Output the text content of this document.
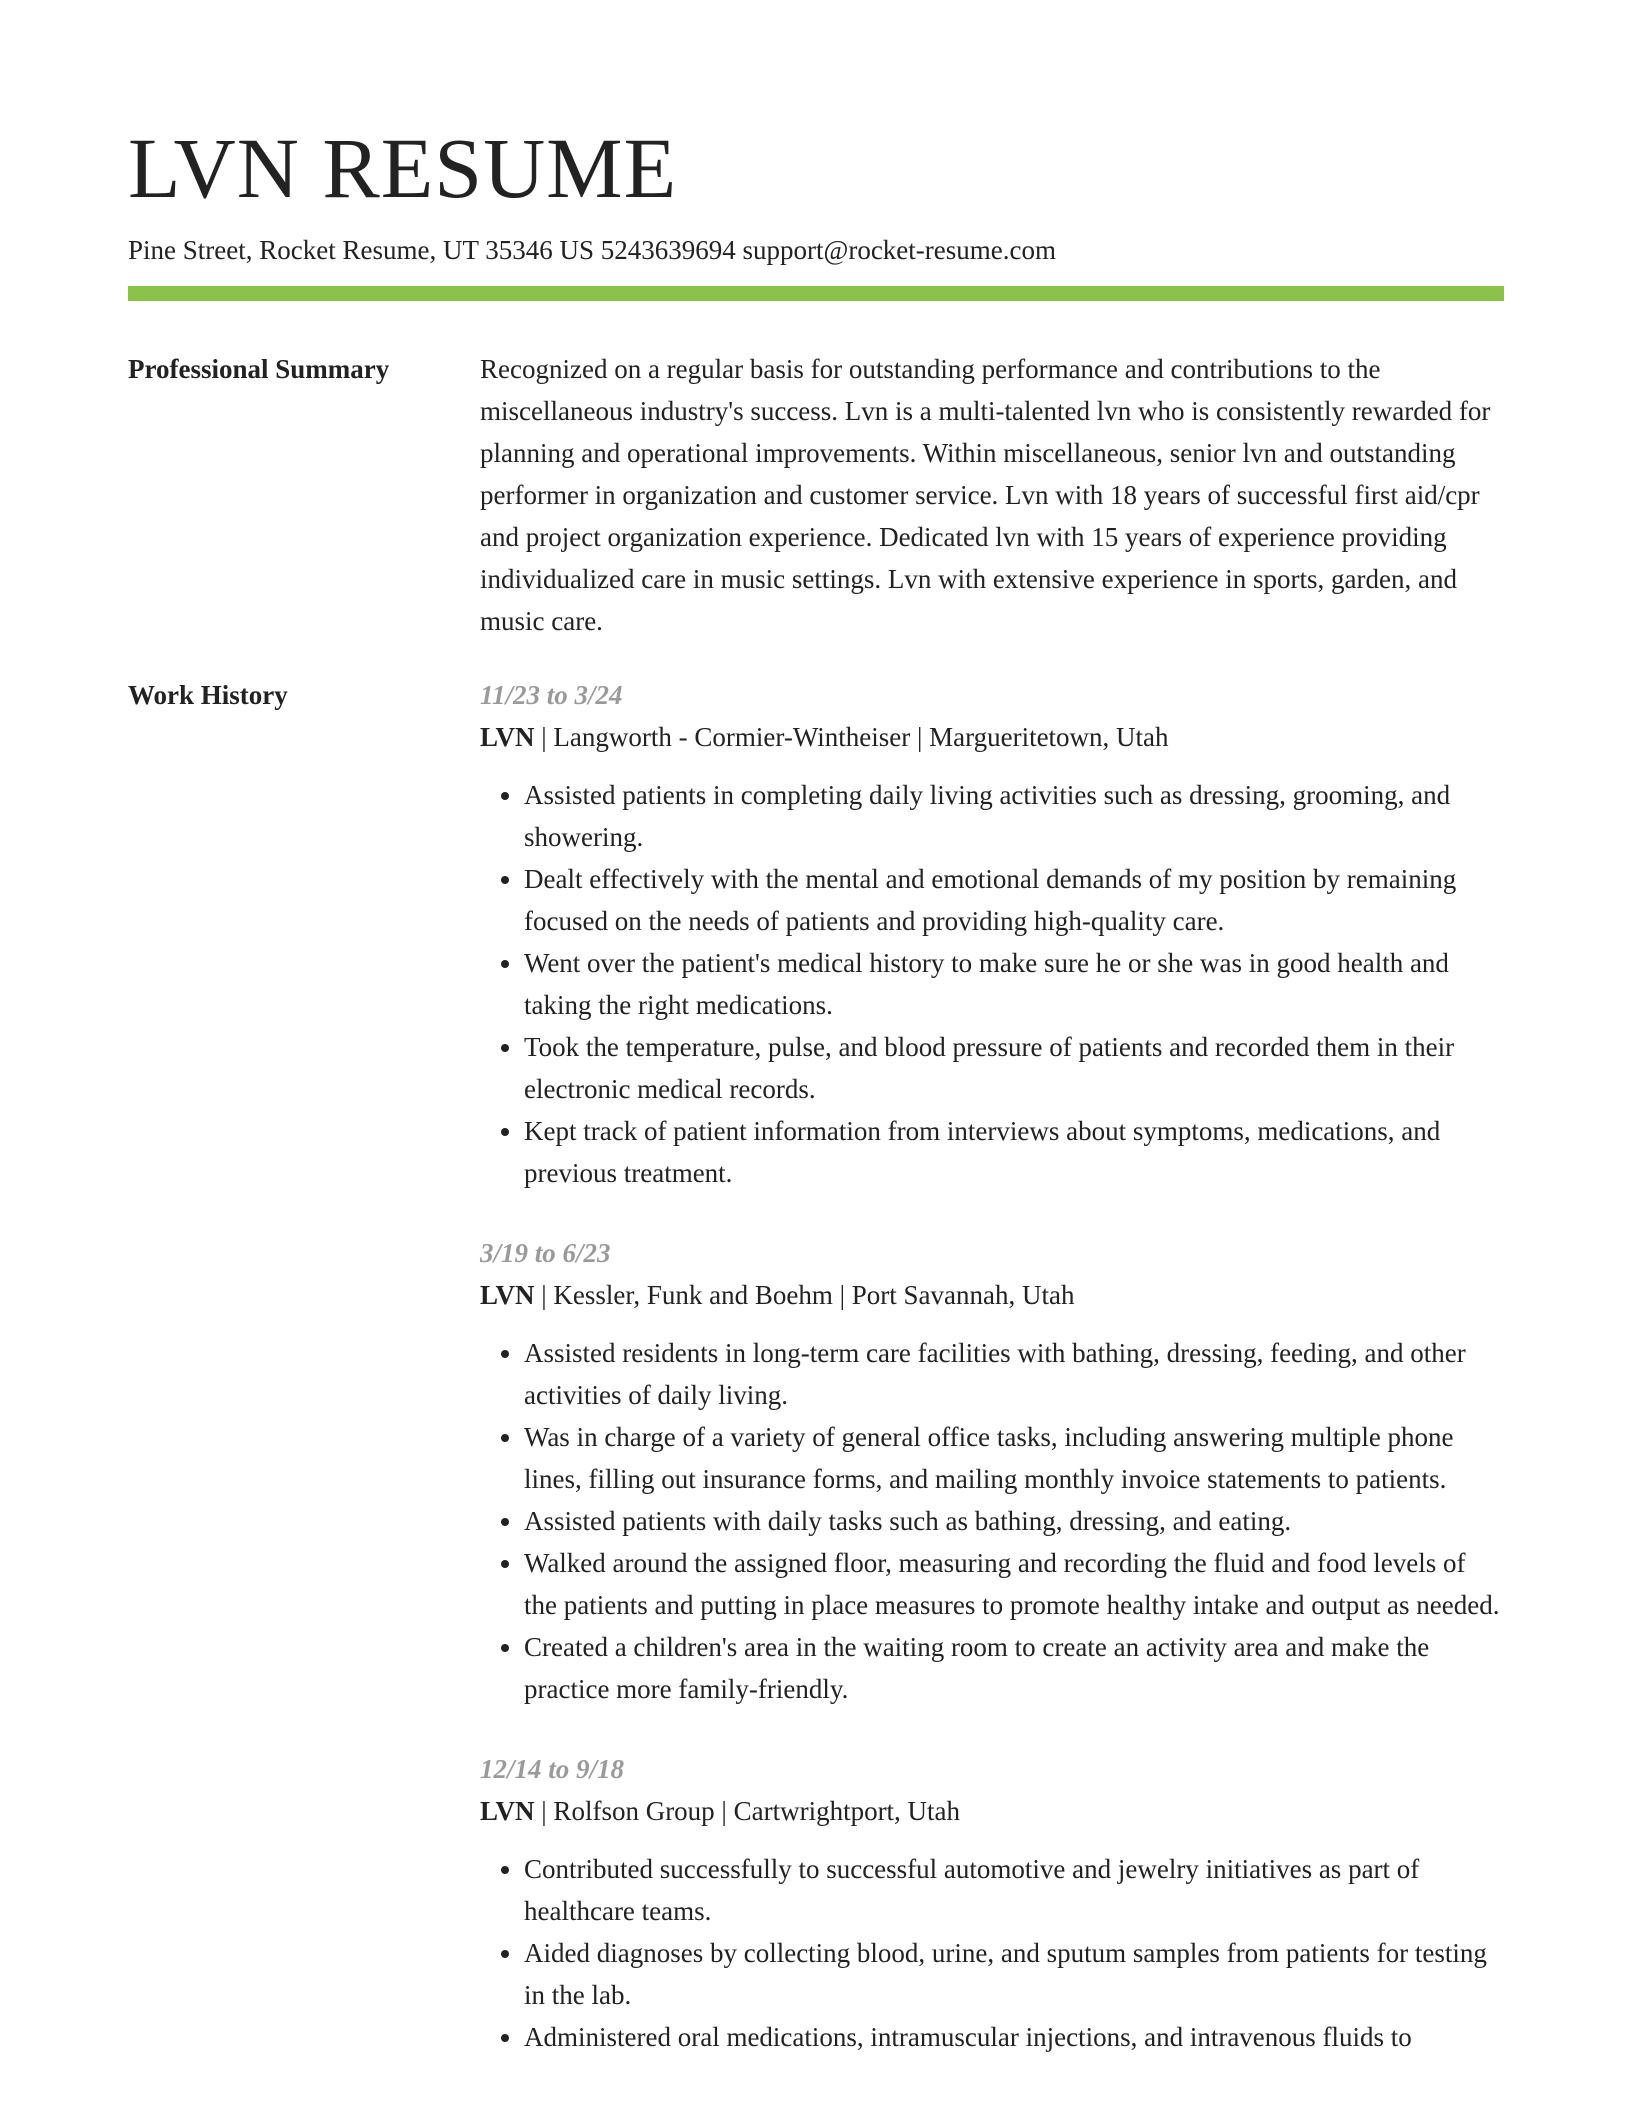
LVN RESUME
Pine Street, Rocket Resume, UT 35346 US 5243639694 support@rocket-resume.com
Professional Summary	Recognized on a regular basis for outstanding performance and contributions to the miscellaneous industry's success. Lvn is a multi-talented lvn who is consistently rewarded for planning and operational improvements. Within miscellaneous, senior lvn and outstanding performer in organization and customer service. Lvn with 18 years of successful first aid/cpr and project organization experience. Dedicated lvn with 15 years of experience providing individualized care in music settings. Lvn with extensive experience in sports, garden, and music care.

Work History	11/23 to 3/24
LVN | Langworth - Cormier-Wintheiser | Margueritetown, Utah
• Assisted patients in completing daily living activities such as dressing, grooming, and showering.
• Dealt effectively with the mental and emotional demands of my position by remaining focused on the needs of patients and providing high-quality care.
• Went over the patient's medical history to make sure he or she was in good health and taking the right medications.
• Took the temperature, pulse, and blood pressure of patients and recorded them in their electronic medical records.
• Kept track of patient information from interviews about symptoms, medications, and previous treatment.
3/19 to 6/23
LVN | Kessler, Funk and Boehm | Port Savannah, Utah
• Assisted residents in long-term care facilities with bathing, dressing, feeding, and other activities of daily living.
• Was in charge of a variety of general office tasks, including answering multiple phone lines, filling out insurance forms, and mailing monthly invoice statements to patients.
• Assisted patients with daily tasks such as bathing, dressing, and eating.
• Walked around the assigned floor, measuring and recording the fluid and food levels of the patients and putting in place measures to promote healthy intake and output as needed.
• Created a children's area in the waiting room to create an activity area and make the practice more family-friendly.
12/14 to 9/18
LVN | Rolfson Group | Cartwrightport, Utah
• Contributed successfully to successful automotive and jewelry initiatives as part of healthcare teams.
• Aided diagnoses by collecting blood, urine, and sputum samples from patients for testing in the lab.
• Administered oral medications, intramuscular injections, and intravenous fluids to
